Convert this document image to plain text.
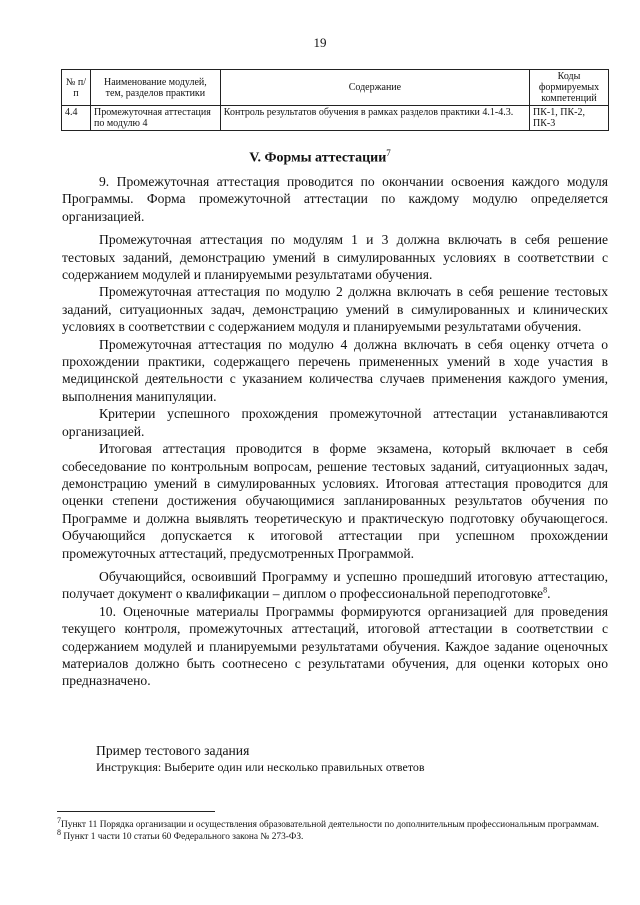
19
№ п/п	Наименование модулей, тем, разделов практики	Содержание	Коды формируемых компетенций
4.4	Промежуточная аттестация по модулю 4	Контроль результатов обучения в рамках разделов практики 4.1-4.3.	ПК-1, ПК-2, ПК-3
V. Формы аттестации$^7$

9. Промежуточная аттестация проводится по окончании освоения каждого модуля Программы. Форма промежуточной аттестации по каждому модулю определяется организацией.

Промежуточная аттестация по модулям 1 и 3 должна включать в себя решение тестовых заданий, демонстрацию умений в симулированных условиях в соответствии с содержанием модулей и планируемыми результатами обучения.

Промежуточная аттестация по модулю 2 должна включать в себя решение тестовых заданий, ситуационных задач, демонстрацию умений в симулированных и клинических условиях в соответствии с содержанием модуля и планируемыми результатами обучения.

Промежуточная аттестация по модулю 4 должна включать в себя оценку отчета о прохождении практики, содержащего перечень примененных умений в ходе участия в медицинской деятельности с указанием количества случаев применения каждого умения, выполнения манипуляции.

Критерии успешного прохождения промежуточной аттестации устанавливаются организацией.

Итоговая аттестация проводится в форме экзамена, который включает в себя собеседование по контрольным вопросам, решение тестовых заданий, ситуационных задач, демонстрацию умений в симулированных условиях. Итоговая аттестация проводится для оценки степени достижения обучающимися запланированных результатов обучения по Программе и должна выявлять теоретическую и практическую подготовку обучающегося. Обучающийся допускается к итоговой аттестации при успешном прохождении промежуточных аттестаций, предусмотренных Программой.

Обучающийся, освоивший Программу и успешно прошедший итоговую аттестацию, получает документ о квалификации – диплом о профессиональной переподготовке$^8$.

10. Оценочные материалы Программы формируются организацией для проведения текущего контроля, промежуточных аттестаций, итоговой аттестации в соответствии с содержанием модулей и планируемыми результатами обучения. Каждое задание оценочных материалов должно быть соотнесено с результатами обучения, для оценки которых оно предназначено.

Пример тестового задания
Инструкция: Выберите один или несколько правильных ответов

$^7$Пункт 11 Порядка организации и осуществления образовательной деятельности по дополнительным профессиональным программам.

$^8$ Пункт 1 части 10 статьи 60 Федерального закона № 273-ФЗ.
